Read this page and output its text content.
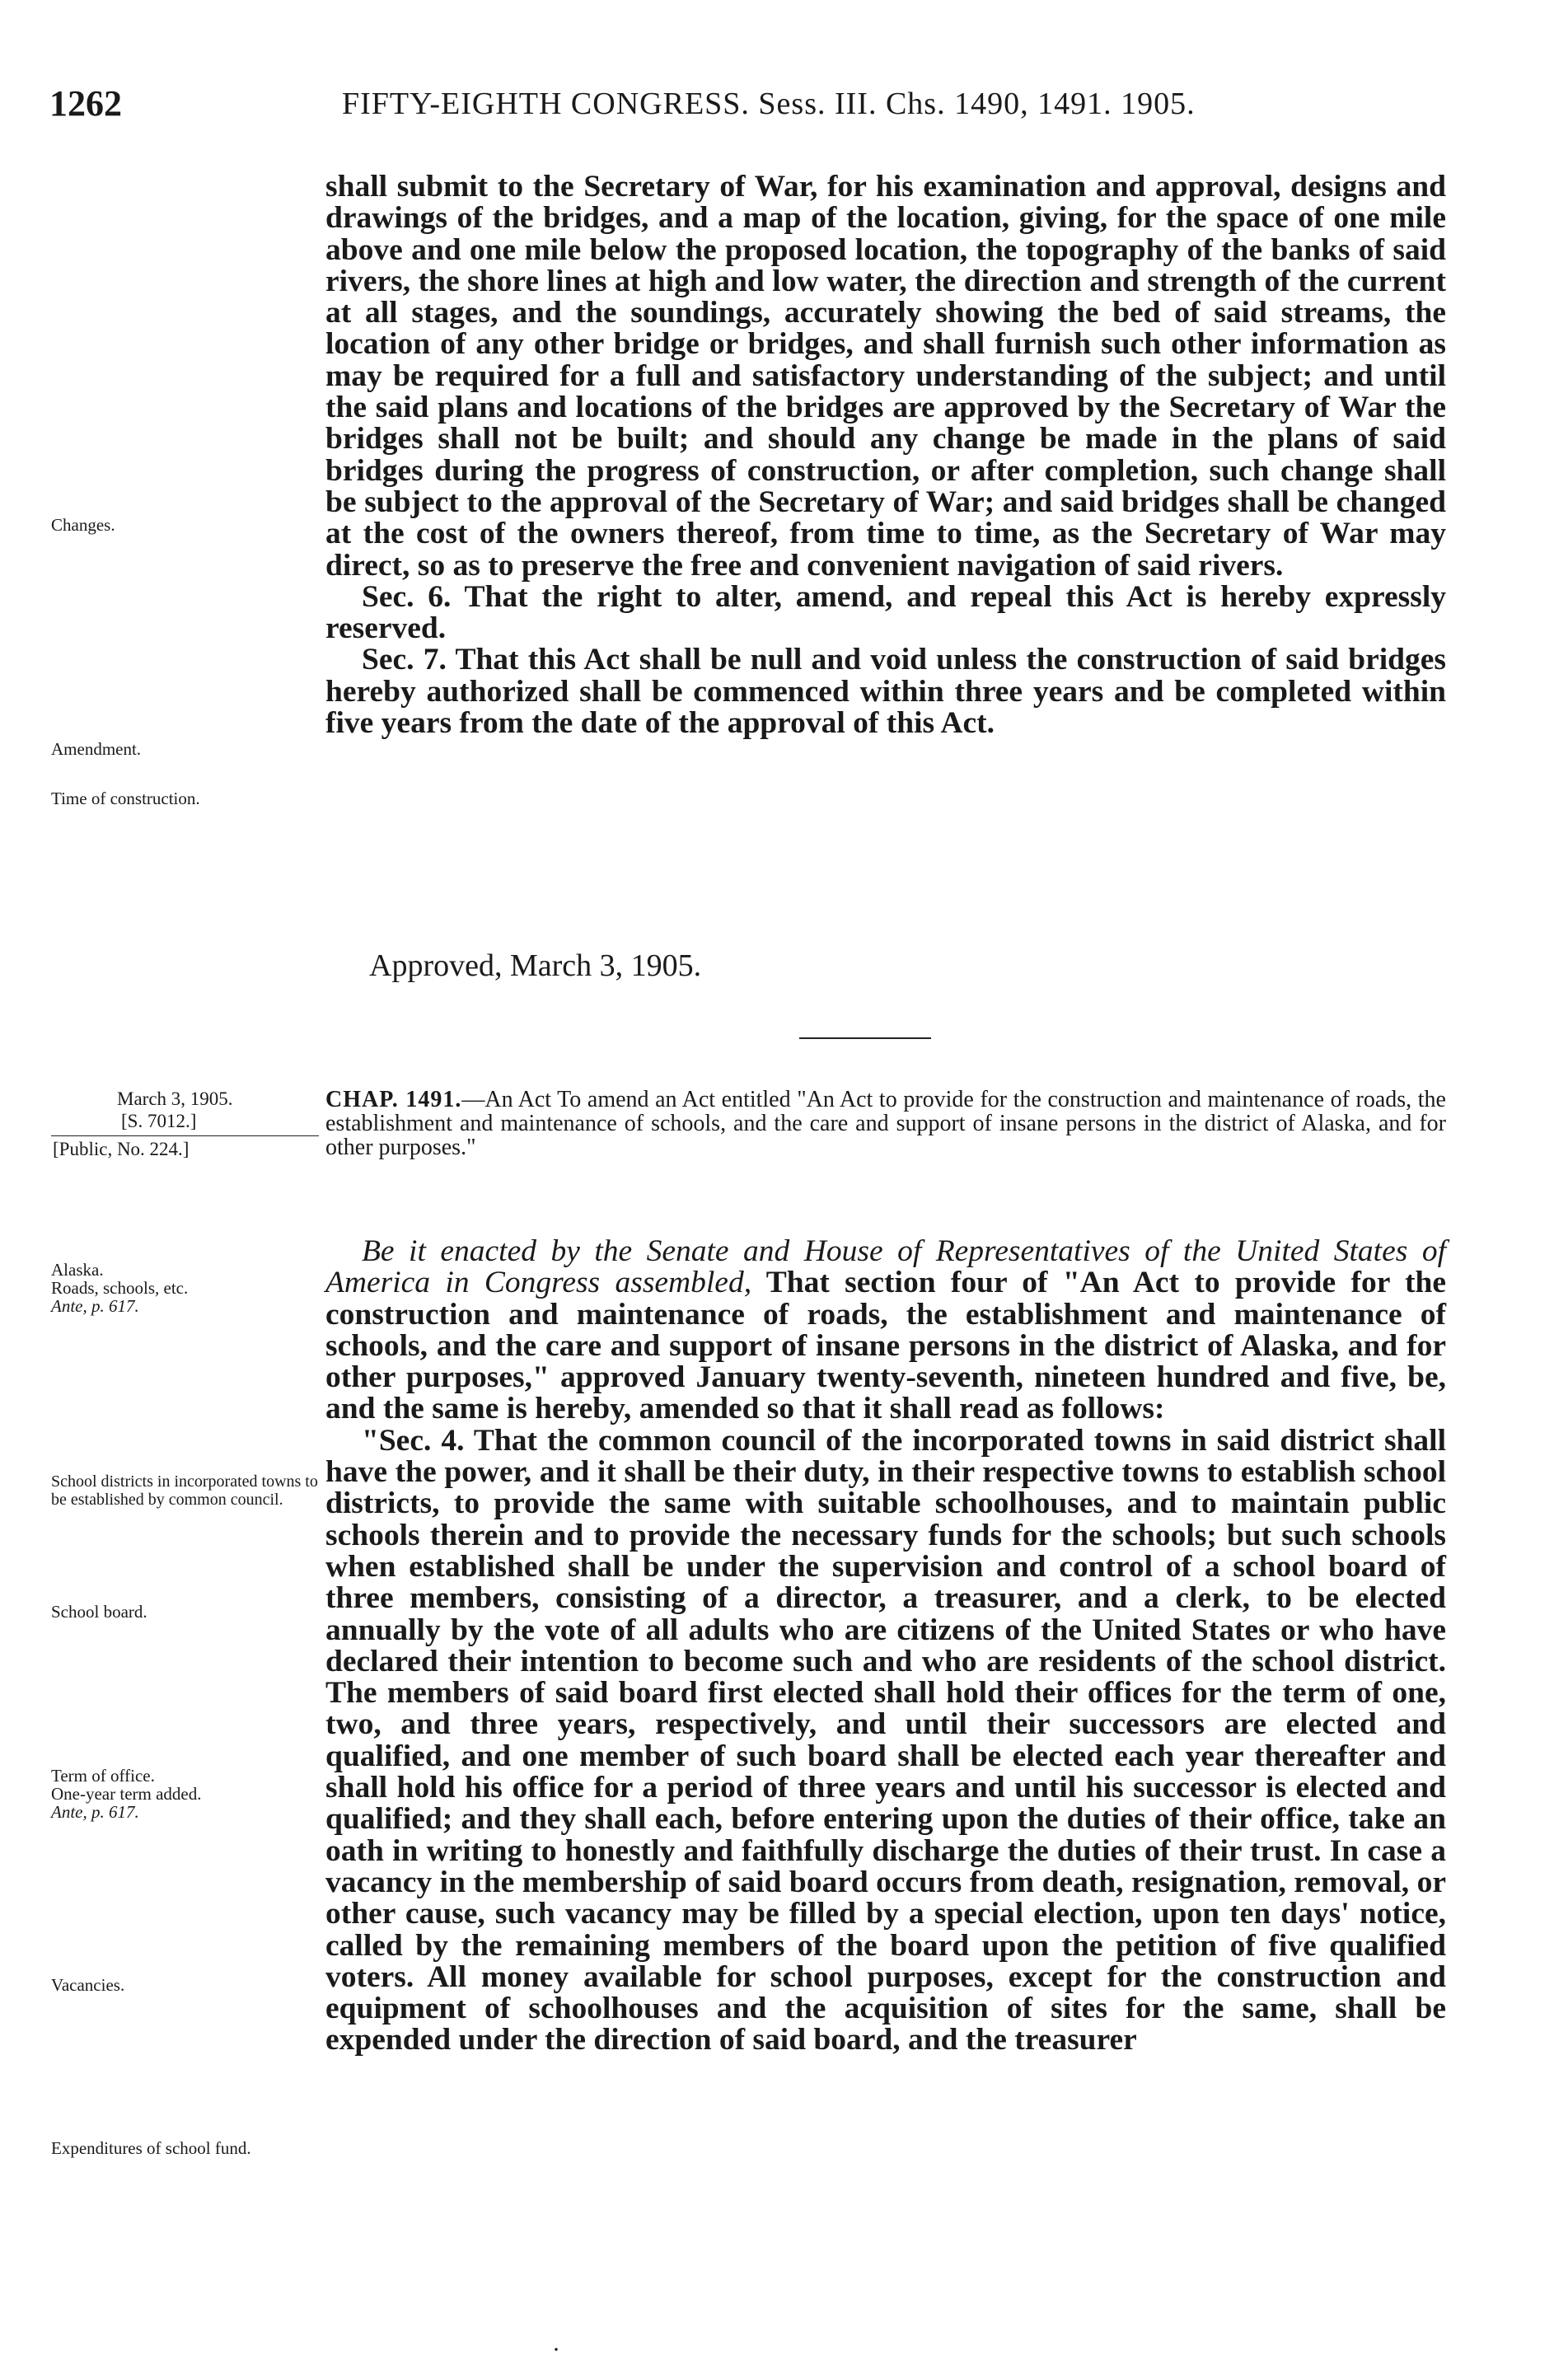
1262	FIFTY-EIGHTH CONGRESS. Sess. III. Chs. 1490, 1491. 1905.

shall submit to the Secretary of War, for his examination and approval, designs and drawings of the bridges, and a map of the location, giving, for the space of one mile above and one mile below the proposed location, the topography of the banks of said rivers, the shore lines at high and low water, the direction and strength of the current at all stages, and the soundings, accurately showing the bed of said streams, the location of any other bridge or bridges, and shall furnish such other information as may be required for a full and satisfactory understanding of the subject; and until the said plans and locations of the bridges are approved by the Secretary of War the bridges shall not be built; and should any change be made in the plans of said bridges during the progress of construction, or after completion, such change shall be subject to the approval of the Secretary of War; and said bridges shall be changed at the cost of the owners thereof, from time to time, as the Secretary of War may direct, so as to preserve the free and convenient navigation of said rivers.

Sec. 6. That the right to alter, amend, and repeal this Act is hereby expressly reserved.

Sec. 7. That this Act shall be null and void unless the construction of said bridges hereby authorized shall be commenced within three years and be completed within five years from the date of the approval of this Act.

Approved, March 3, 1905.
Changes.
Amendment.
Time of construction.
March 3, 1905.
[S. 7012.]
[Public, No. 224.]
CHAP. 1491.—An Act To amend an Act entitled "An Act to provide for the construction and maintenance of roads, the establishment and maintenance of schools, and the care and support of insane persons in the district of Alaska, and for other purposes."

Be it enacted by the Senate and House of Representatives of the United States of America in Congress assembled, That section four of "An Act to provide for the construction and maintenance of roads, the establishment and maintenance of schools, and the care and support of insane persons in the district of Alaska, and for other purposes," approved January twenty-seventh, nineteen hundred and five, be, and the same is hereby, amended so that it shall read as follows:

"Sec. 4. That the common council of the incorporated towns in said district shall have the power, and it shall be their duty, in their respective towns to establish school districts, to provide the same with suitable schoolhouses, and to maintain public schools therein and to provide the necessary funds for the schools; but such schools when established shall be under the supervision and control of a school board of three members, consisting of a director, a treasurer, and a clerk, to be elected annually by the vote of all adults who are citizens of the United States or who have declared their intention to become such and who are residents of the school district. The members of said board first elected shall hold their offices for the term of one, two, and three years, respectively, and until their successors are elected and qualified, and one member of such board shall be elected each year thereafter and shall hold his office for a period of three years and until his successor is elected and qualified; and they shall each, before entering upon the duties of their office, take an oath in writing to honestly and faithfully discharge the duties of their trust. In case a vacancy in the membership of said board occurs from death, resignation, removal, or other cause, such vacancy may be filled by a special election, upon ten days' notice, called by the remaining members of the board upon the petition of five qualified voters. All money available for school purposes, except for the construction and equipment of schoolhouses and the acquisition of sites for the same, shall be expended under the direction of said board, and the treasurer

Alaska.
Roads, schools, etc.
Ante, p. 617.
School districts in incorporated towns to be established by common council.
School board.
Term of office.
One-year term added.
Ante, p. 617.
Vacancies.
Expenditures of school fund.
·
